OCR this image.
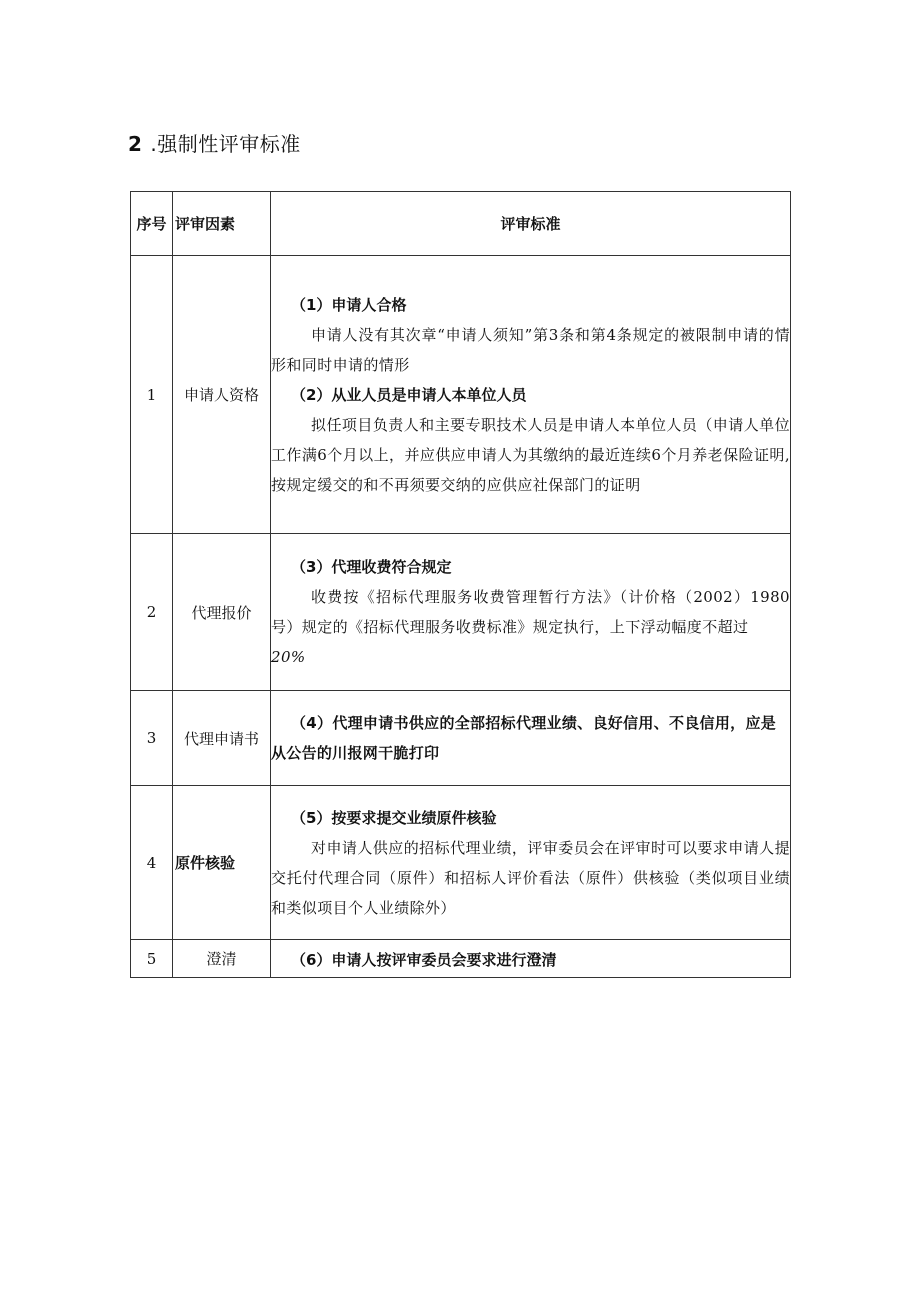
2 .强制性评审标准
序号	评审因素	评审标准
1	申请人资格	（1）申请人合格
申请人没有其次章“申请人须知”第3条和第4条规定的被限制申请的情形和同时申请的情形
（2）从业人员是申请人本单位人员
拟任项目负责人和主要专职技术人员是申请人本单位人员（申请人单位工作满6个月以上，并应供应申请人为其缴纳的最近连续6个月养老保险证明,按规定缓交的和不再须要交纳的应供应社保部门的证明

2	代理报价	（3）代理收费符合规定
收费按《招标代理服务收费管理暂行方法》（计价格（2002）1980号）规定的《招标代理服务收费标准》规定执行，上下浮动幅度不超过
20%

3	代理申请书	（4）代理申请书供应的全部招标代理业绩、良好信用、不良信用，应是从公告的川报网干脆打印

4	原件核验	（5）按要求提交业绩原件核验
对申请人供应的招标代理业绩，评审委员会在评审时可以要求申请人提交托付代理合同（原件）和招标人评价看法（原件）供核验（类似项目业绩和类似项目个人业绩除外）

5	澄清	（6）申请人按评审委员会要求进行澄清
